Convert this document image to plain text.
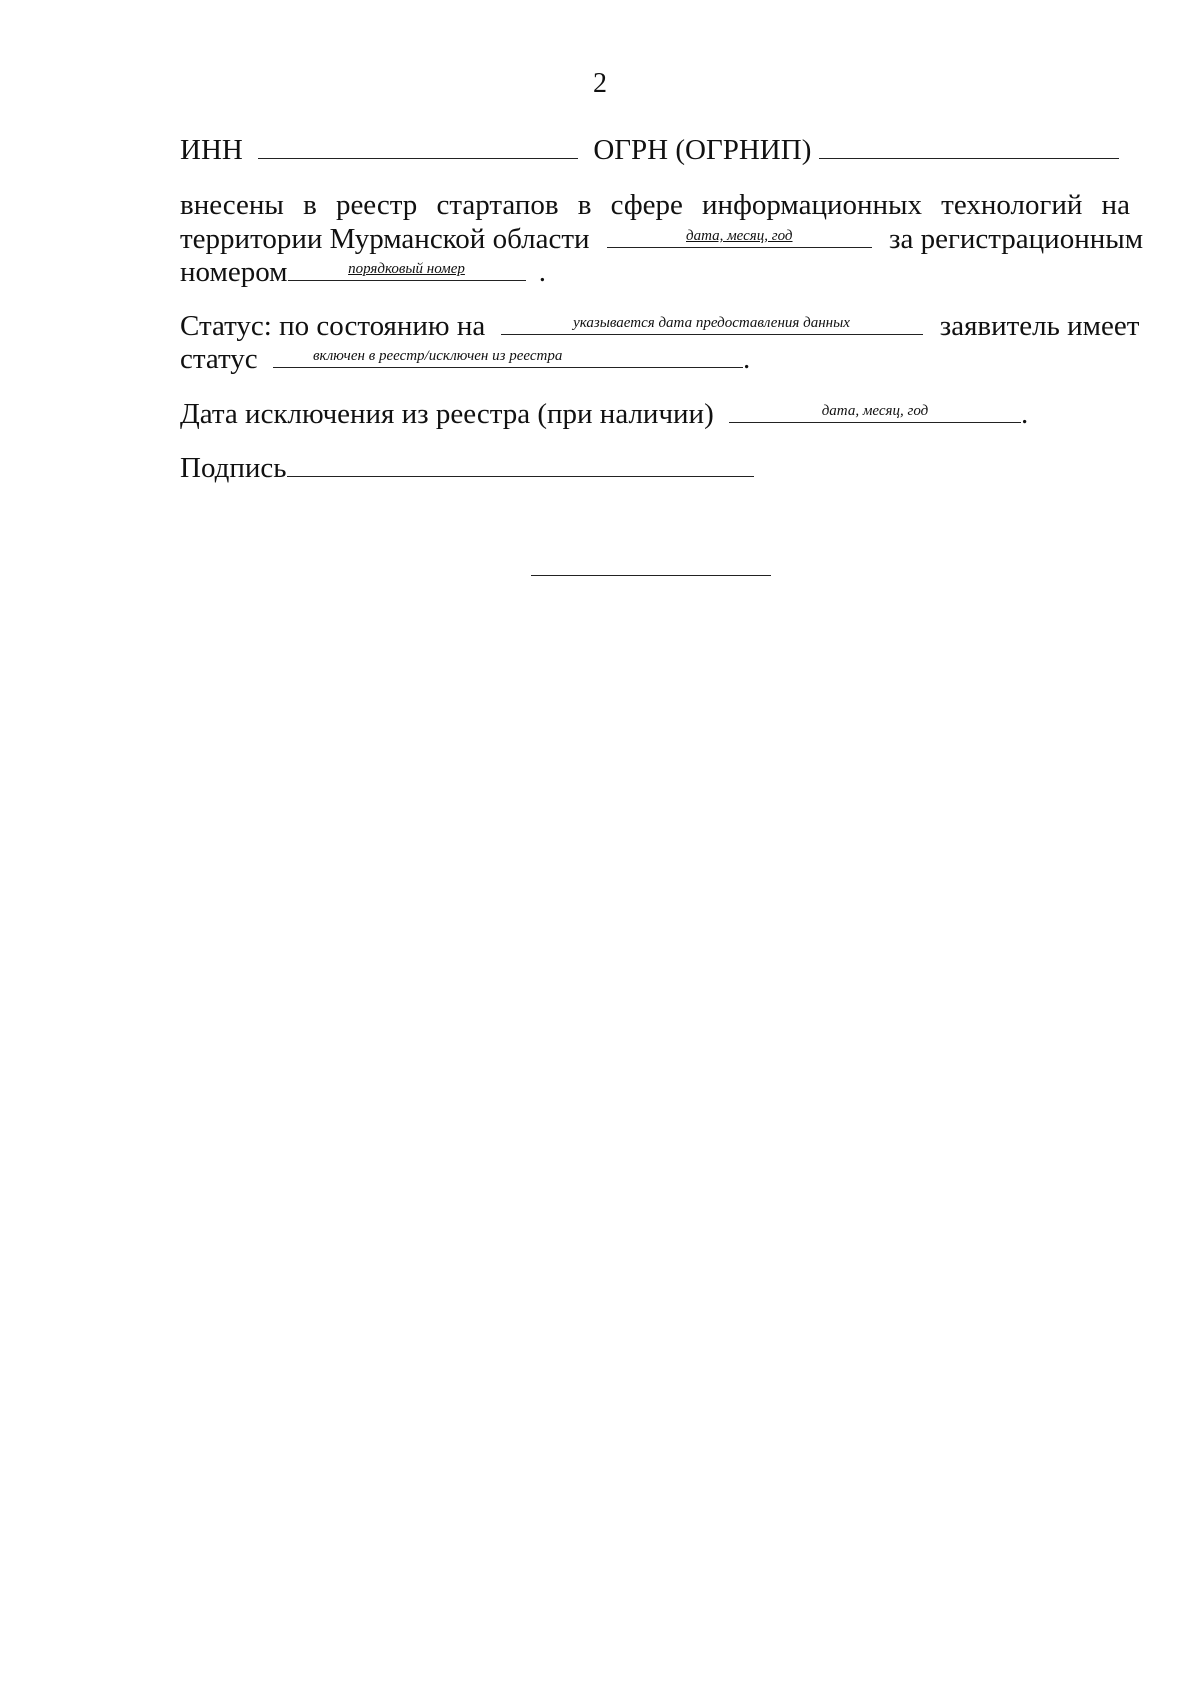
2
ИНН	ОГРН (ОГРНИП)
внесены в реестр стартапов в сфере информационных технологий на
территории Мурманской области	дата, месяц, год	за регистрационным
номером	порядковый номер	.
Статус: по состоянию на	указывается дата предоставления данных	заявитель имеет
статус	включен в реестр/исключен из реестра	.
Дата исключения из реестра (при наличии)	дата, месяц, год	.
Подпись
